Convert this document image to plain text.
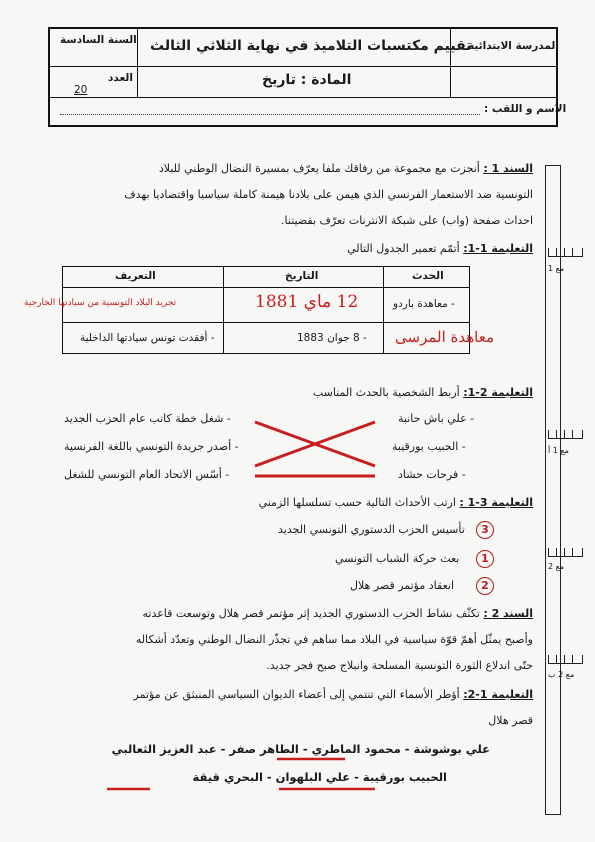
المدرسة الابتدائية
تقييم مكتسبات التلاميذ في نهاية الثلاثي الثالث
السنة السادسة
المادة : تاريخ
العدد
20
الاسم و اللقب :
السند 1 : أنجزت مع مجموعة من رفاقك ملفا يعرّف بمسيرة النضال الوطني للبلاد
التونسية ضد الاستعمار الفرنسي الذي هيمن على بلادنا هيمنة كاملة سياسيا واقتصاديا بهدف
احداث صفحة (واب) على شبكة الانترنات تعرّف بقضيتنا.
التعليمة 1-1: أتمّم تعمير الجدول التالي
الحدث
التاريخ
التعريف
- معاهدة باردو
12 ماي 1881
تجريد البلاد التونسية من سيادتها الخارجية
معاهدة المرسى
- 8 جوان 1883
- أفقدت تونس سيادتها الداخلية
التعليمة 2-1: أربط الشخصية بالحدث المناسب
- علي باش حانبة
- الحبيب بورقيبة
- فرحات حشاد
- شغل خطة كاتب عام الحزب الجديد
- أصدر جريدة التونسي باللغة الفرنسية
- أسّس الاتحاد العام التونسي للشغل
التعليمة 3-1 : ارتب الأحداث التالية حسب تسلسلها الزمني
3
تأسيس الحزب الدستوري التونسي الجديد
1
بعث حركة الشباب التونسي
2
انعقاد مؤتمر قصر هلال
السند 2 : تكثّف نشاط الحزب الدستوري الجديد إثر مؤتمر قصر هلال وتوسعت قاعدته
وأصبح يمثّل أهمّ قوّة سياسية في البلاد مما ساهم في تجذّر النضال الوطني وتعدّد أشكاله
حتّى اندلاع الثورة التونسية المسلحة وانبلاج صبح فجر جديد.
التعليمة 1-2: أؤطر الأسماء التي تنتمي إلى أعضاء الديوان السياسي المنبثق عن مؤتمر
قصر هلال
علي بوشوشة - محمود الماطري - الطاهر صفر - عبد العزيز الثعالبي
الحبيب بورقيبة - علي البلهوان - البحري قيقة
مع 1
مع 1 أ
مع 2
مع 2 ب
